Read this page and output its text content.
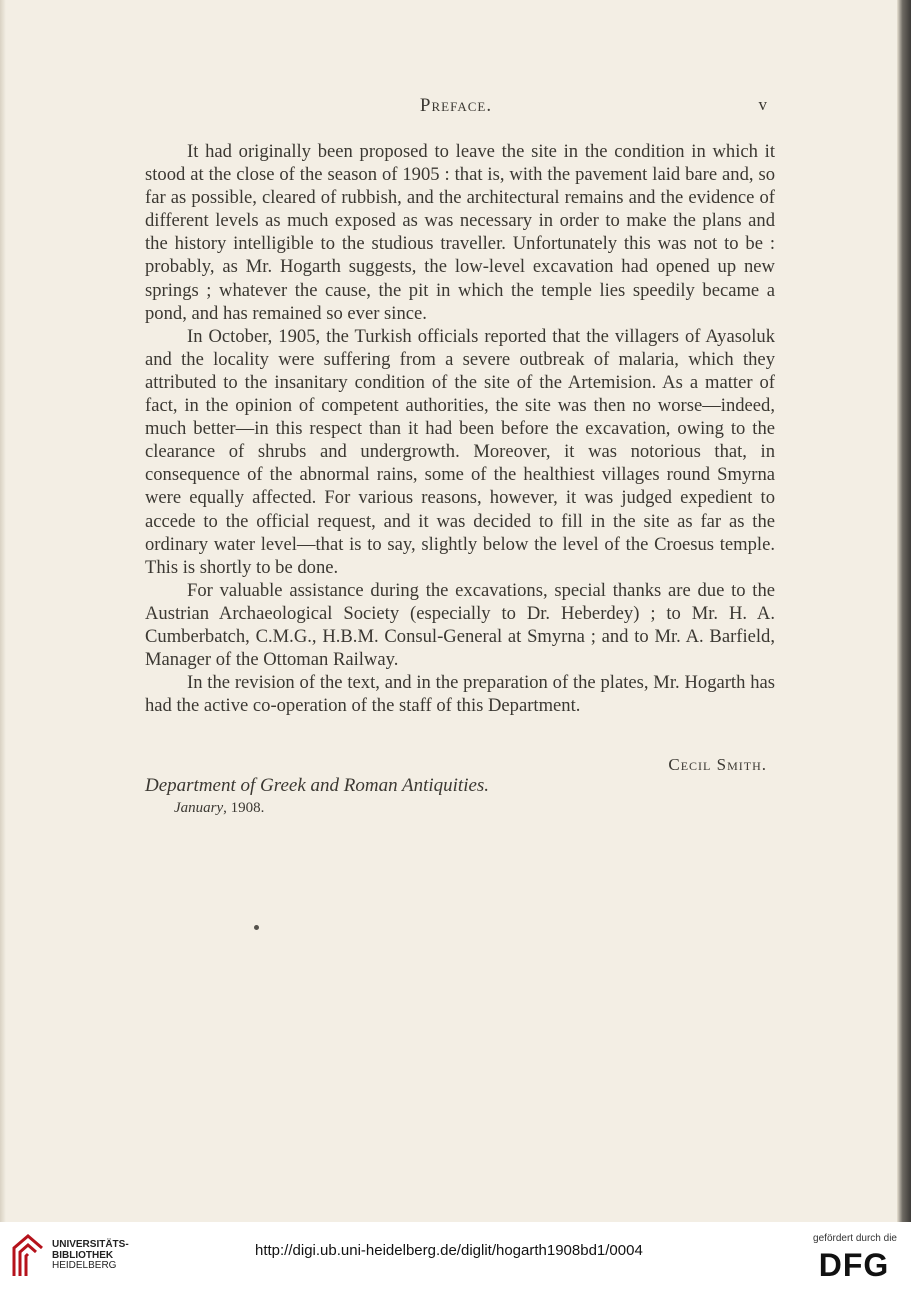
Preface.	v

It had originally been proposed to leave the site in the condition in which it stood at the close of the season of 1905 : that is, with the pavement laid bare and, so far as possible, cleared of rubbish, and the architectural remains and the evidence of different levels as much exposed as was necessary in order to make the plans and the history intelligible to the studious traveller. Unfortunately this was not to be : probably, as Mr. Hogarth suggests, the low-level excavation had opened up new springs ; whatever the cause, the pit in which the temple lies speedily became a pond, and has remained so ever since.

In October, 1905, the Turkish officials reported that the villagers of Ayasoluk and the locality were suffering from a severe outbreak of malaria, which they attributed to the insanitary condition of the site of the Artemision. As a matter of fact, in the opinion of competent authorities, the site was then no worse—indeed, much better—in this respect than it had been before the excavation, owing to the clearance of shrubs and undergrowth. Moreover, it was notorious that, in consequence of the abnormal rains, some of the healthiest villages round Smyrna were equally affected. For various reasons, however, it was judged expedient to accede to the official request, and it was decided to fill in the site as far as the ordinary water level—that is to say, slightly below the level of the Croesus temple. This is shortly to be done.

For valuable assistance during the excavations, special thanks are due to the Austrian Archaeological Society (especially to Dr. Heberdey) ; to Mr. H. A. Cumberbatch, C.M.G., H.B.M. Consul-General at Smyrna ; and to Mr. A. Barfield, Manager of the Ottoman Railway.

In the revision of the text, and in the preparation of the plates, Mr. Hogarth has had the active co-operation of the staff of this Department.

Cecil Smith.
Department of Greek and Roman Antiquities.
January, 1908.
UNIVERSITÄTS-
BIBLIOTHEK
HEIDELBERG
http://digi.ub.uni-heidelberg.de/diglit/hogarth1908bd1/0004
gefördert durch die
DFG
